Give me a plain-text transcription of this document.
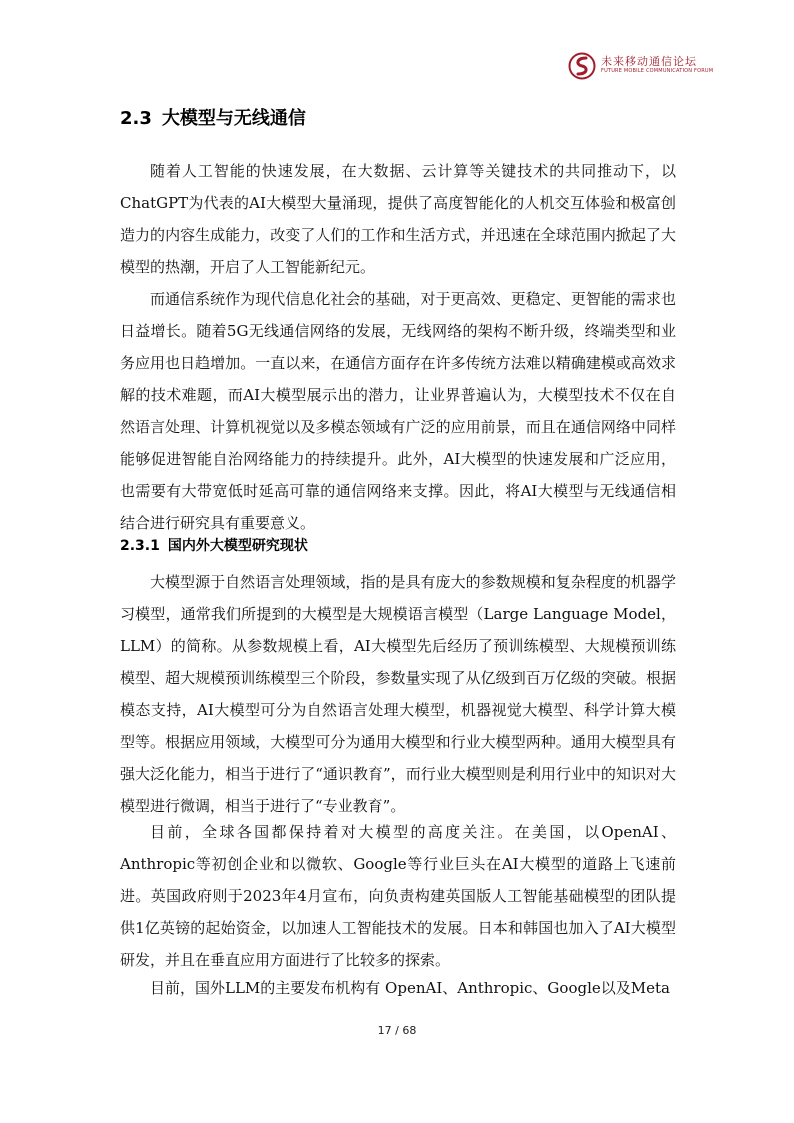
未来移动通信论坛
FUTURE MOBILE COMMUNICATION FORUM
2.3 大模型与无线通信

随着人工智能的快速发展，在大数据、云计算等关键技术的共同推动下，以ChatGPT为代表的AI大模型大量涌现，提供了高度智能化的人机交互体验和极富创造力的内容生成能力，改变了人们的工作和生活方式，并迅速在全球范围内掀起了大模型的热潮，开启了人工智能新纪元。

而通信系统作为现代信息化社会的基础，对于更高效、更稳定、更智能的需求也日益增长。随着5G无线通信网络的发展，无线网络的架构不断升级，终端类型和业务应用也日趋增加。一直以来，在通信方面存在许多传统方法难以精确建模或高效求解的技术难题，而AI大模型展示出的潜力，让业界普遍认为，大模型技术不仅在自然语言处理、计算机视觉以及多模态领域有广泛的应用前景，而且在通信网络中同样能够促进智能自治网络能力的持续提升。此外，AI大模型的快速发展和广泛应用，也需要有大带宽低时延高可靠的通信网络来支撑。因此，将AI大模型与无线通信相结合进行研究具有重要意义。

2.3.1 国内外大模型研究现状

大模型源于自然语言处理领域，指的是具有庞大的参数规模和复杂程度的机器学习模型，通常我们所提到的大模型是大规模语言模型（Large Language Model，LLM）的简称。从参数规模上看，AI大模型先后经历了预训练模型、大规模预训练模型、超大规模预训练模型三个阶段，参数量实现了从亿级到百万亿级的突破。根据模态支持，AI大模型可分为自然语言处理大模型，机器视觉大模型、科学计算大模型等。根据应用领域，大模型可分为通用大模型和行业大模型两种。通用大模型具有强大泛化能力，相当于进行了“通识教育”，而行业大模型则是利用行业中的知识对大模型进行微调，相当于进行了“专业教育”。

目前，全球各国都保持着对大模型的高度关注。在美国，以OpenAI、Anthropic等初创企业和以微软、Google等行业巨头在AI大模型的道路上飞速前进。英国政府则于2023年4月宣布，向负责构建英国版人工智能基础模型的团队提供1亿英镑的起始资金，以加速人工智能技术的发展。日本和韩国也加入了AI大模型研发，并且在垂直应用方面进行了比较多的探索。

目前，国外LLM的主要发布机构有 OpenAI、Anthropic、Google以及Meta

17 / 68
